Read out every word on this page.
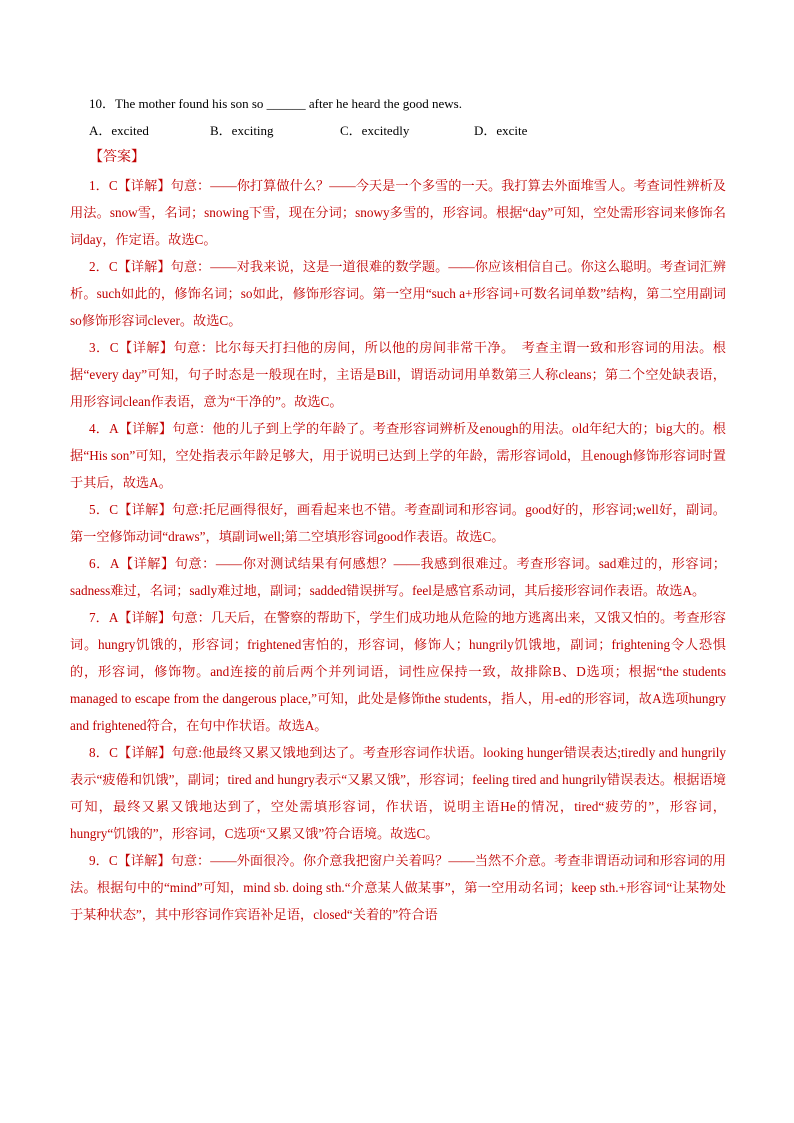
10．The mother found his son so ______ after he heard the good news.
A．excited	B．exciting	C．excitedly	D．excite
【答案】

1．C【详解】句意：——你打算做什么？——今天是一个多雪的一天。我打算去外面堆雪人。考查词性辨析及用法。snow雪，名词；snowing下雪，现在分词；snowy多雪的，形容词。根据“day”可知，空处需形容词来修饰名词day，作定语。故选C。

2．C【详解】句意：——对我来说，这是一道很难的数学题。——你应该相信自己。你这么聪明。考查词汇辨析。such如此的，修饰名词；so如此，修饰形容词。第一空用“such a+形容词+可数名词单数”结构，第二空用副词so修饰形容词clever。故选C。

3．C【详解】句意：比尔每天打扫他的房间，所以他的房间非常干净。　考查主谓一致和形容词的用法。根据“every day”可知，句子时态是一般现在时，主语是Bill，谓语动词用单数第三人称cleans；第二个空处缺表语，用形容词clean作表语，意为“干净的”。故选C。

4．A【详解】句意：他的儿子到上学的年龄了。考查形容词辨析及enough的用法。old年纪大的；big大的。根据“His son”可知，空处指表示年龄足够大，用于说明已达到上学的年龄，需形容词old，且enough修饰形容词时置于其后，故选A。

5．C【详解】句意:托尼画得很好，画看起来也不错。考查副词和形容词。good好的，形容词;well好，副词。第一空修饰动词“draws”，填副词well;第二空填形容词good作表语。故选C。

6．A【详解】句意：——你对测试结果有何感想？——我感到很难过。考查形容词。sad难过的，形容词；sadness难过，名词；sadly难过地，副词；sadded错误拼写。feel是感官系动词，其后接形容词作表语。故选A。

7．A【详解】句意：几天后，在警察的帮助下，学生们成功地从危险的地方逃离出来，又饿又怕的。考查形容词。hungry饥饿的，形容词；frightened害怕的，形容词，修饰人；hungrily饥饿地，副词；frightening令人恐惧的，形容词，修饰物。and连接的前后两个并列词语，词性应保持一致，故排除B、D选项；根据“the students managed to escape from the dangerous place,”可知，此处是修饰the students，指人，用-ed的形容词，故A选项hungry and frightened符合，在句中作状语。故选A。

8．C【详解】句意:他最终又累又饿地到达了。考查形容词作状语。looking hunger错误表达;tiredly and hungrily表示“疲倦和饥饿”，副词；tired and hungry表示“又累又饿”，形容词；feeling tired and hungrily错误表达。根据语境可知，最终又累又饿地达到了，空处需填形容词，作状语，说明主语He的情况，tired“疲劳的”，形容词，hungry“饥饿的”，形容词，C选项“又累又饿”符合语境。故选C。

9．C【详解】句意：——外面很冷。你介意我把窗户关着吗？——当然不介意。考查非谓语动词和形容词的用法。根据句中的“mind”可知，mind sb. doing sth.“介意某人做某事”，第一空用动名词；keep sth.+形容词“让某物处于某种状态”，其中形容词作宾语补足语，closed“关着的”符合语
